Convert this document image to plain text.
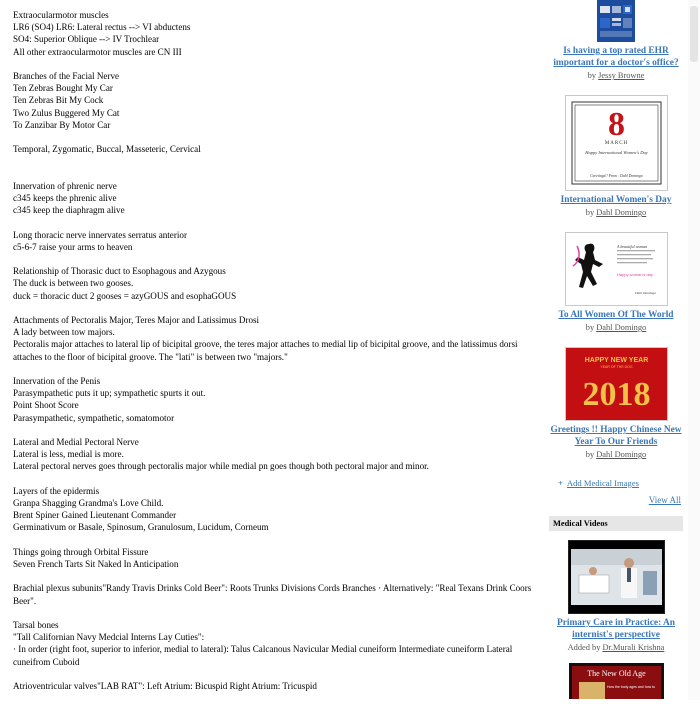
Extraocularmotor muscles
LR6 (SO4) LR6: Lateral rectus --> VI abductens
SO4: Superior Oblique --> IV Trochlear
All other extraocularmotor muscles are CN III
Branches of the Facial Nerve
Ten Zebras Bought My Car
Ten Zebras Bit My Cock
Two Zulus Buggered My Cat
To Zanzibar By Motor Car
Temporal, Zygomatic, Buccal, Masseteric, Cervical
Innervation of phrenic nerve
c345 keeps the phrenic alive
c345 keep the diaphragm alive
Long thoracic nerve innervates serratus anterior
c5-6-7 raise your arms to heaven
Relationship of Thorasic duct to Esophagous and Azygous
The duck is between two gooses.
duck = thoracic duct 2 gooses = azyGOUS and esophaGOUS
Attachments of Pectoralis Major, Teres Major and Latissimus Drosi
A lady between tow majors.
Pectoralis major attaches to lateral lip of bicipital groove, the teres major attaches to medial lip of bicipital groove, and the latissimus dorsi attaches to the floor of bicipital groove. The "lati" is between two "majors."
Innervation of the Penis
Parasympathetic puts it up; sympathetic spurts it out.
Point Shoot Score
Parasympathetic, sympathetic, somatomotor
Lateral and Medial Pectoral Nerve
Lateral is less, medial is more.
Lateral pectoral nerves goes through pectoralis major while medial pn goes though both pectoral major and minor.
Layers of the epidermis
Granpa Shagging Grandma's Love Child.
Brent Spiner Gained Lieutenant Commander
Germinativum or Basale, Spinosum, Granulosum, Lucidum, Corneum
Things going through Orbital Fissure
Seven French Tarts Sit Naked In Anticipation
Brachial plexus subunits"Randy Travis Drinks Cold Beer": Roots Trunks Divisions Cords Branches · Alternatively: "Real Texans Drink Coors Beer".
Tarsal bones
"Tall Californian Navy Medcial Interns Lay Cuties":
· In order (right foot, superior to inferior, medial to lateral): Talus Calcanous Navicular Medial cuneiform Intermediate cuneiform Lateral cuneifrom Cuboid
Atrioventricular valves"LAB RAT": Left Atrium: Bicuspid Right Atrium: Tricuspid
Is having a top rated EHR important for a doctor's office?
by Jessy Browne
8
MARCH
Happy International Women's Day
Greetings!! From : Dahl Domingo
International Women's Day
by Dahl Domingo
A beautiful woman
Happy woman's day
Dahl Domingo
To All Women Of The World
by Dahl Domingo
HAPPY NEW YEAR
YEAR OF THE DOG
2018
Greetings !! Happy Chinese New Year To Our Friends
by Dahl Domingo
+ Add Medical Images
View All
Medical Videos
Primary Care in Practice: An internist's perspective
Added by Dr.Murali Krishna
The New Old Age
How the body ages and how to
